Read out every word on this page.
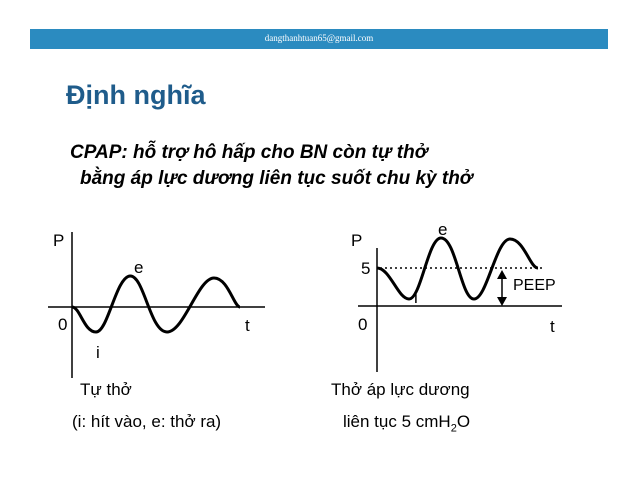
dangthanhtuan65@gmail.com
Định nghĩa
CPAP: hỗ trợ hô hấp cho BN còn tự thở
bằng áp lực dương liên tục suốt chu kỳ thở
P
0	t
e
i
P
5
0	t
e
i
PEEP
Tự thở
(i: hít vào, e: thở ra)
Thở áp lực dương
liên tục 5 cmH$_2$O
